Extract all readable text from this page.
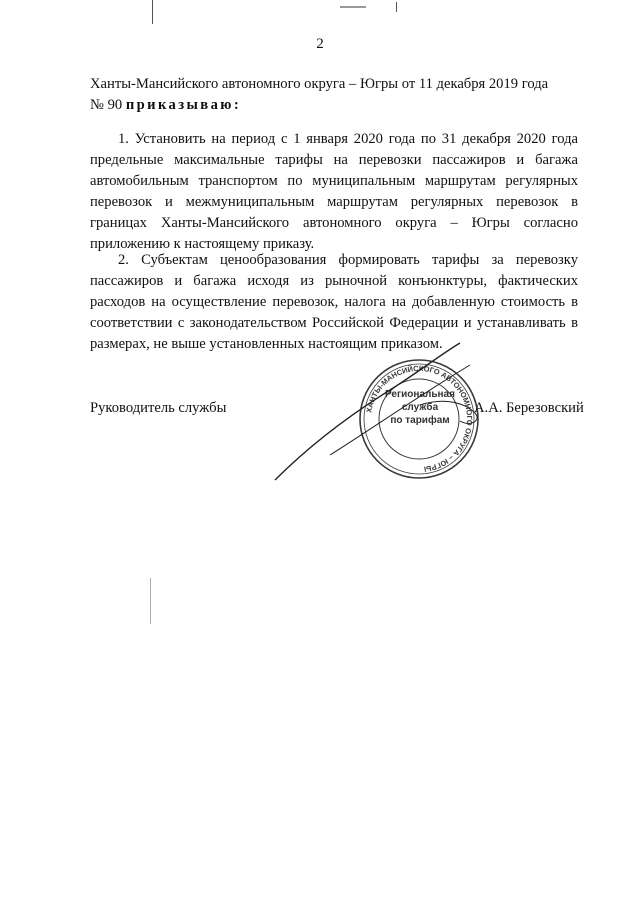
2
Ханты-Мансийского автономного округа – Югры от 11 декабря 2019 года
№ 90 приказываю:

1. Установить на период с 1 января 2020 года по 31 декабря 2020 года предельные максимальные тарифы на перевозки пассажиров и багажа автомобильным транспортом по муниципальным маршрутам регулярных перевозок и межмуниципальным маршрутам регулярных перевозок в границах Ханты-Мансийского автономного округа – Югры согласно приложению к настоящему приказу.

2. Субъектам ценообразования формировать тарифы за перевозку пассажиров и багажа исходя из рыночной конъюнктуры, фактических расходов на осуществление перевозок, налога на добавленную стоимость в соответствии с законодательством Российской Федерации и устанавливать в размерах, не выше установленных настоящим приказом.

Руководитель службы	ХАНТЫ-МАНСИЙСКОГО АВТОНОМНОГО ОКРУГА – ЮГРЫ
Региональная
служба
по тарифам
А.А. Березовский
